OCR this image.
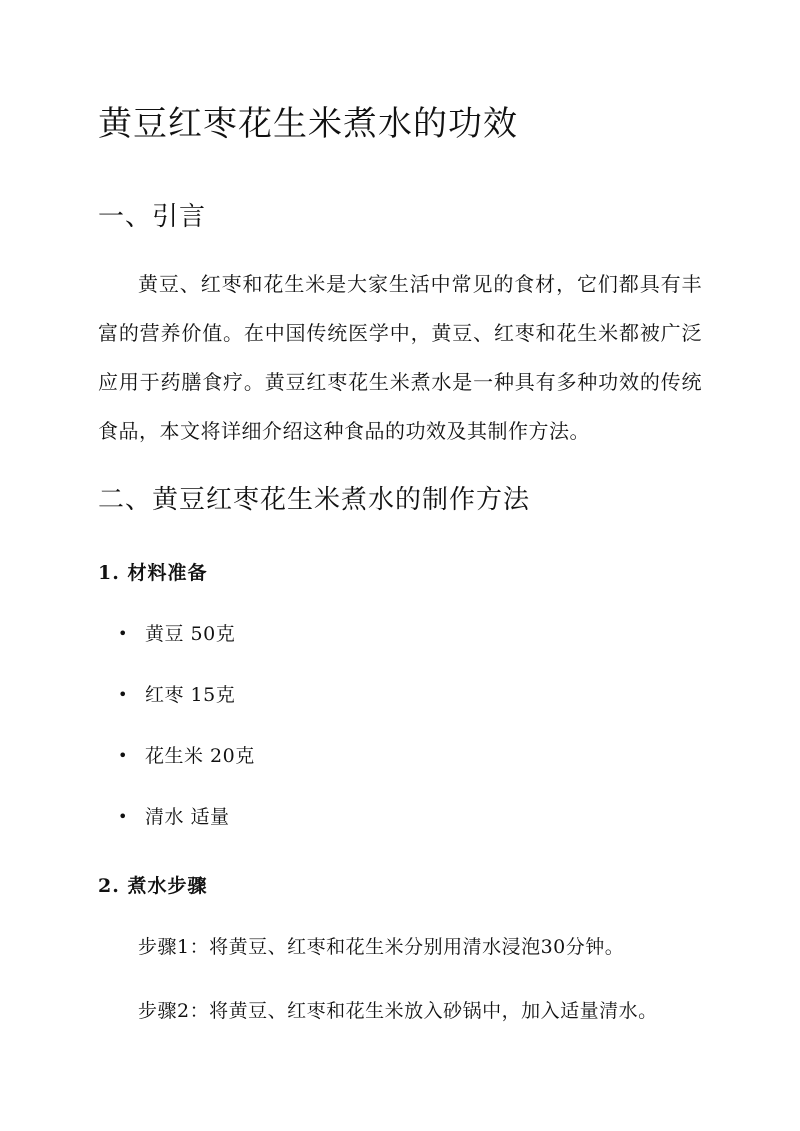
黄豆红枣花生米煮水的功效
一、引言

黄豆、红枣和花生米是大家生活中常见的食材，它们都具有丰富的营养价值。在中国传统医学中，黄豆、红枣和花生米都被广泛应用于药膳食疗。黄豆红枣花生米煮水是一种具有多种功效的传统食品，本文将详细介绍这种食品的功效及其制作方法。

二、黄豆红枣花生米煮水的制作方法
1. 材料准备
• 黄豆 50克
• 红枣 15克
• 花生米 20克
• 清水 适量
2. 煮水步骤

步骤1：将黄豆、红枣和花生米分别用清水浸泡30分钟。

步骤2：将黄豆、红枣和花生米放入砂锅中，加入适量清水。
